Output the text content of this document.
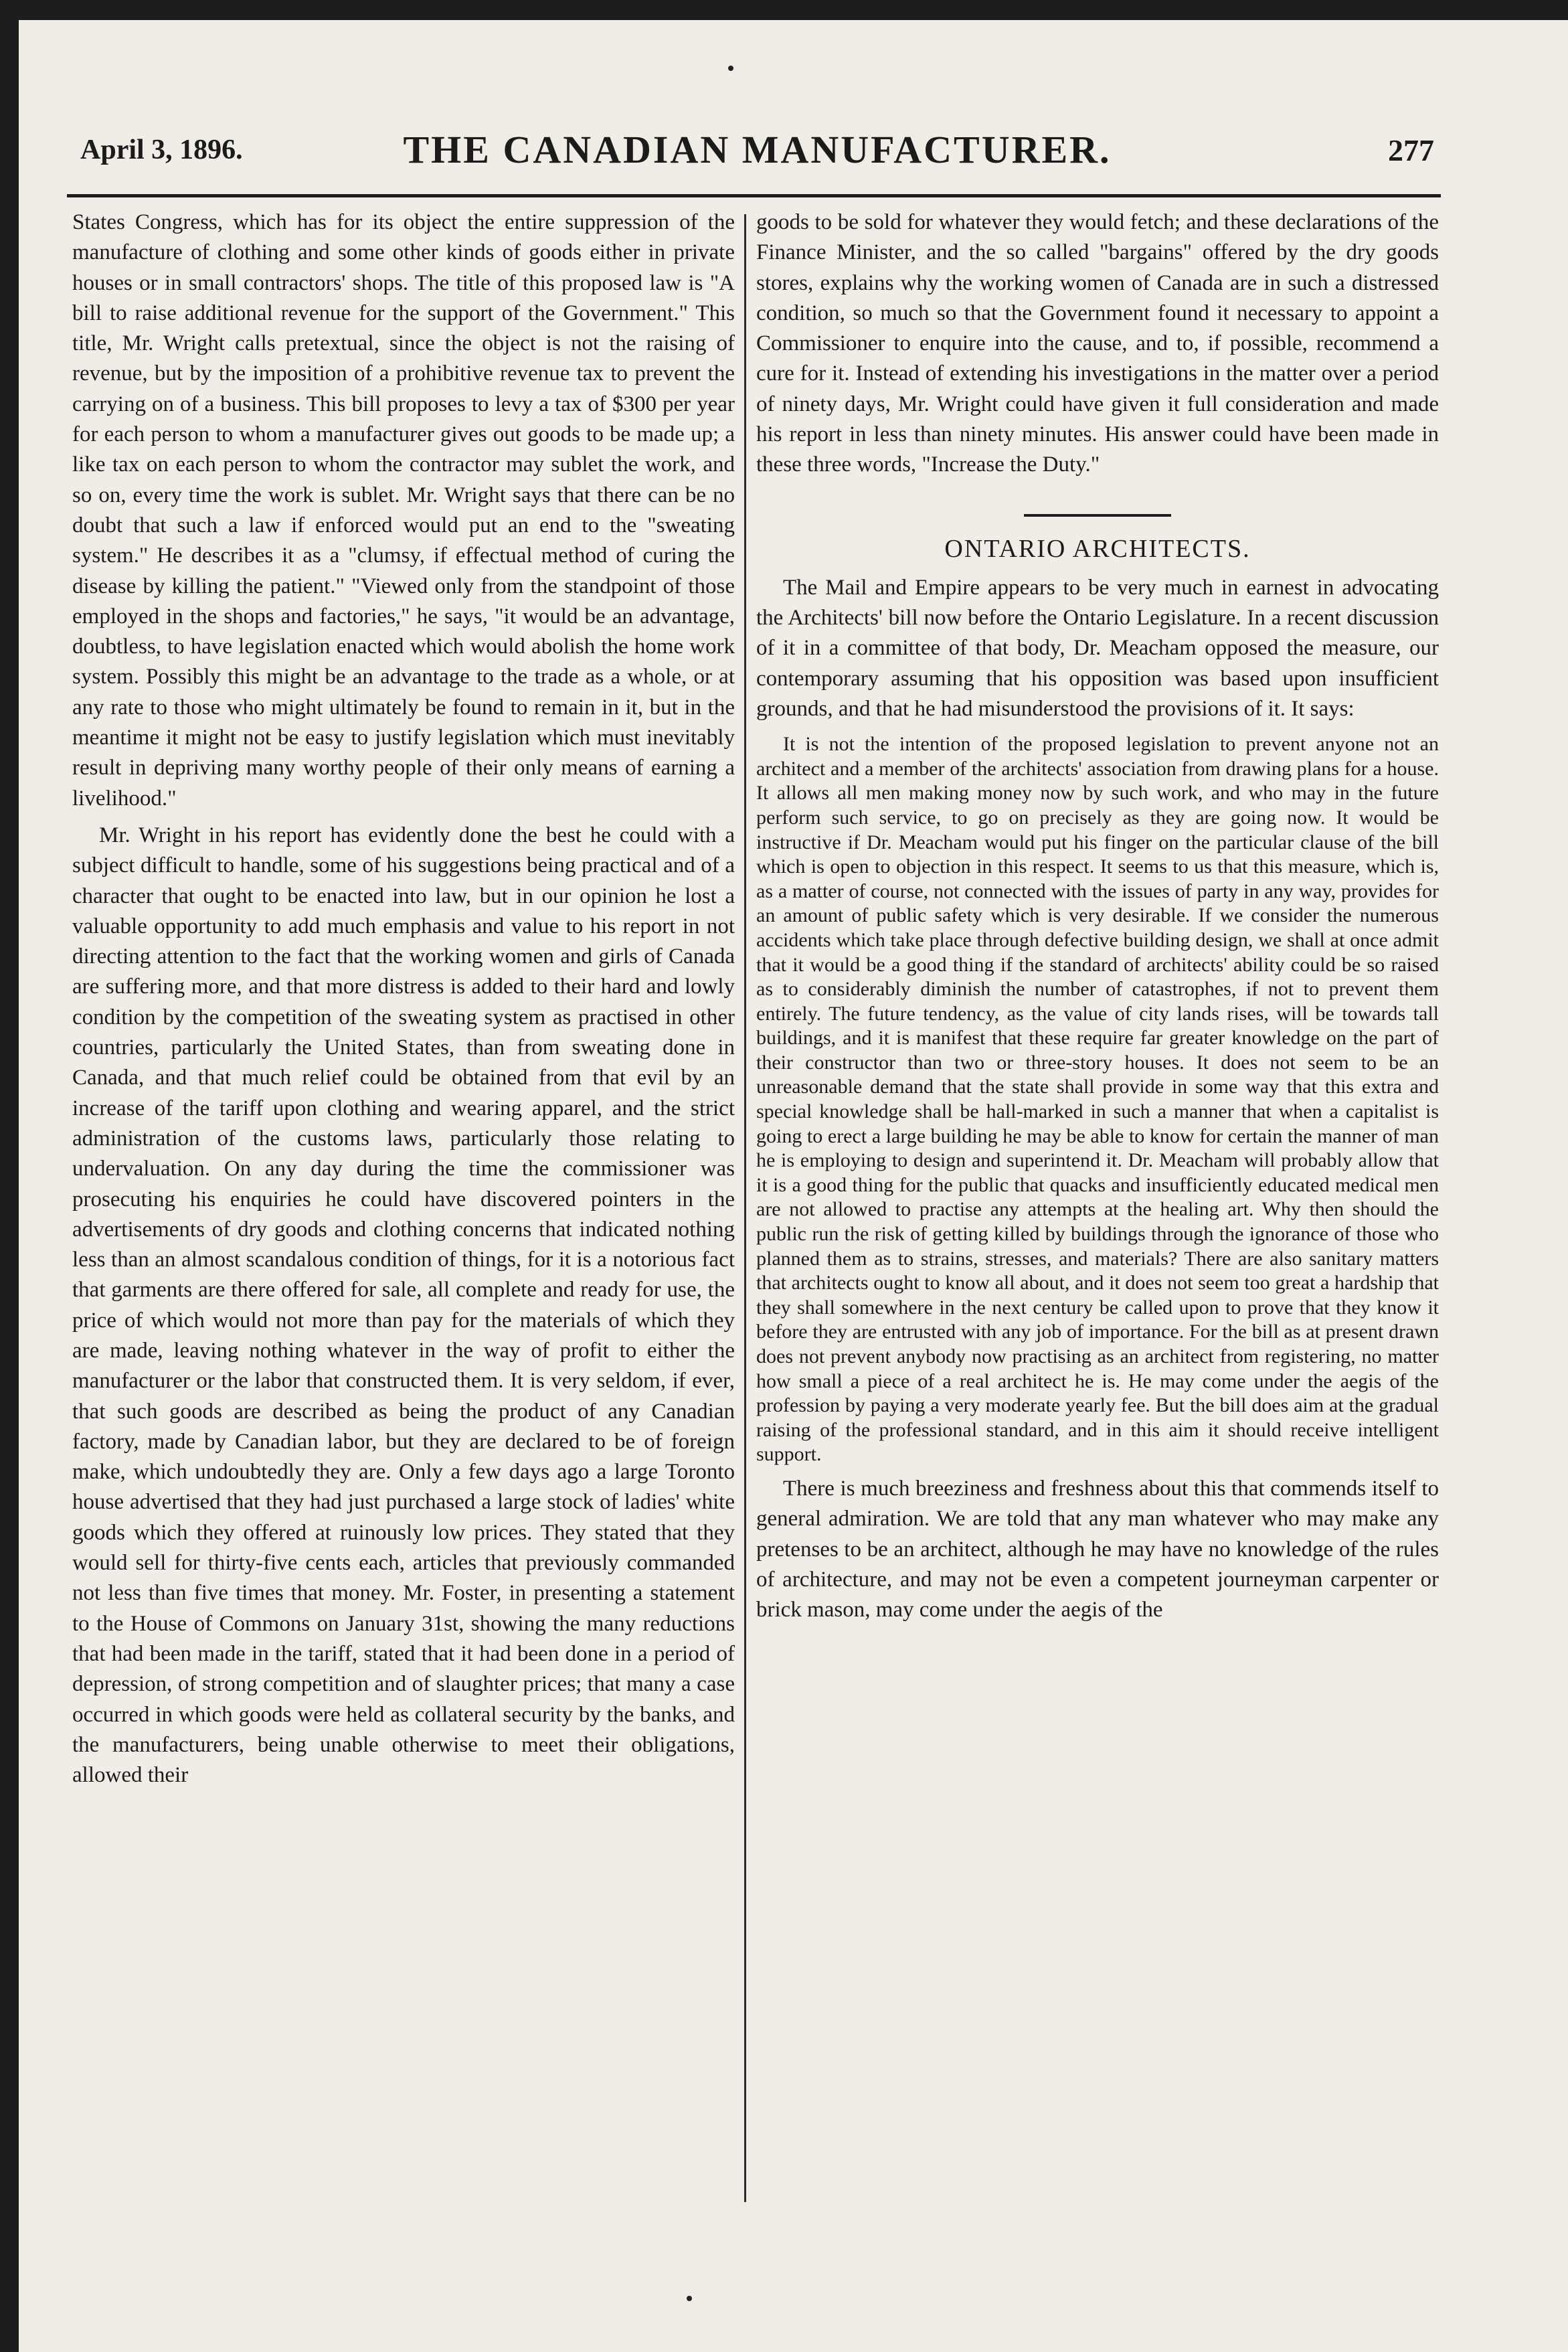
April 3, 1896.	THE CANADIAN MANUFACTURER.	277

States Congress, which has for its object the entire suppression of the manufacture of clothing and some other kinds of goods either in private houses or in small contractors' shops. The title of this proposed law is "A bill to raise additional revenue for the support of the Government." This title, Mr. Wright calls pretextual, since the object is not the raising of revenue, but by the imposition of a prohibitive revenue tax to prevent the carrying on of a business. This bill proposes to levy a tax of $300 per year for each person to whom a manufacturer gives out goods to be made up; a like tax on each person to whom the contractor may sublet the work, and so on, every time the work is sublet. Mr. Wright says that there can be no doubt that such a law if enforced would put an end to the "sweating system." He describes it as a "clumsy, if effectual method of curing the disease by killing the patient." "Viewed only from the standpoint of those employed in the shops and factories," he says, "it would be an advantage, doubtless, to have legislation enacted which would abolish the home work system. Possibly this might be an advantage to the trade as a whole, or at any rate to those who might ultimately be found to remain in it, but in the meantime it might not be easy to justify legislation which must inevitably result in depriving many worthy people of their only means of earning a livelihood."

Mr. Wright in his report has evidently done the best he could with a subject difficult to handle, some of his suggestions being practical and of a character that ought to be enacted into law, but in our opinion he lost a valuable opportunity to add much emphasis and value to his report in not directing attention to the fact that the working women and girls of Canada are suffering more, and that more distress is added to their hard and lowly condition by the competition of the sweating system as practised in other countries, particularly the United States, than from sweating done in Canada, and that much relief could be obtained from that evil by an increase of the tariff upon clothing and wearing apparel, and the strict administration of the customs laws, particularly those relating to undervaluation. On any day during the time the commissioner was prosecuting his enquiries he could have discovered pointers in the advertisements of dry goods and clothing concerns that indicated nothing less than an almost scandalous condition of things, for it is a notorious fact that garments are there offered for sale, all complete and ready for use, the price of which would not more than pay for the materials of which they are made, leaving nothing whatever in the way of profit to either the manufacturer or the labor that constructed them. It is very seldom, if ever, that such goods are described as being the product of any Canadian factory, made by Canadian labor, but they are declared to be of foreign make, which undoubtedly they are. Only a few days ago a large Toronto house advertised that they had just purchased a large stock of ladies' white goods which they offered at ruinously low prices. They stated that they would sell for thirty-five cents each, articles that previously commanded not less than five times that money. Mr. Foster, in presenting a statement to the House of Commons on January 31st, showing the many reductions that had been made in the tariff, stated that it had been done in a period of depression, of strong competition and of slaughter prices; that many a case occurred in which goods were held as collateral security by the banks, and the manufacturers, being unable otherwise to meet their obligations, allowed their

goods to be sold for whatever they would fetch; and these declarations of the Finance Minister, and the so called "bargains" offered by the dry goods stores, explains why the working women of Canada are in such a distressed condition, so much so that the Government found it necessary to appoint a Commissioner to enquire into the cause, and to, if possible, recommend a cure for it. Instead of extending his investigations in the matter over a period of ninety days, Mr. Wright could have given it full consideration and made his report in less than ninety minutes. His answer could have been made in these three words, "Increase the Duty."

ONTARIO ARCHITECTS.

The Mail and Empire appears to be very much in earnest in advocating the Architects' bill now before the Ontario Legislature. In a recent discussion of it in a committee of that body, Dr. Meacham opposed the measure, our contemporary assuming that his opposition was based upon insufficient grounds, and that he had misunderstood the provisions of it. It says:

It is not the intention of the proposed legislation to prevent anyone not an architect and a member of the architects' association from drawing plans for a house. It allows all men making money now by such work, and who may in the future perform such service, to go on precisely as they are going now. It would be instructive if Dr. Meacham would put his finger on the particular clause of the bill which is open to objection in this respect. It seems to us that this measure, which is, as a matter of course, not connected with the issues of party in any way, provides for an amount of public safety which is very desirable. If we consider the numerous accidents which take place through defective building design, we shall at once admit that it would be a good thing if the standard of architects' ability could be so raised as to considerably diminish the number of catastrophes, if not to prevent them entirely. The future tendency, as the value of city lands rises, will be towards tall buildings, and it is manifest that these require far greater knowledge on the part of their constructor than two or three-story houses. It does not seem to be an unreasonable demand that the state shall provide in some way that this extra and special knowledge shall be hall-marked in such a manner that when a capitalist is going to erect a large building he may be able to know for certain the manner of man he is employing to design and superintend it. Dr. Meacham will probably allow that it is a good thing for the public that quacks and insufficiently educated medical men are not allowed to practise any attempts at the healing art. Why then should the public run the risk of getting killed by buildings through the ignorance of those who planned them as to strains, stresses, and materials? There are also sanitary matters that architects ought to know all about, and it does not seem too great a hardship that they shall somewhere in the next century be called upon to prove that they know it before they are entrusted with any job of importance. For the bill as at present drawn does not prevent anybody now practising as an architect from registering, no matter how small a piece of a real architect he is. He may come under the aegis of the profession by paying a very moderate yearly fee. But the bill does aim at the gradual raising of the professional standard, and in this aim it should receive intelligent support.

There is much breeziness and freshness about this that commends itself to general admiration. We are told that any man whatever who may make any pretenses to be an architect, although he may have no knowledge of the rules of architecture, and may not be even a competent journeyman carpenter or brick mason, may come under the aegis of the
